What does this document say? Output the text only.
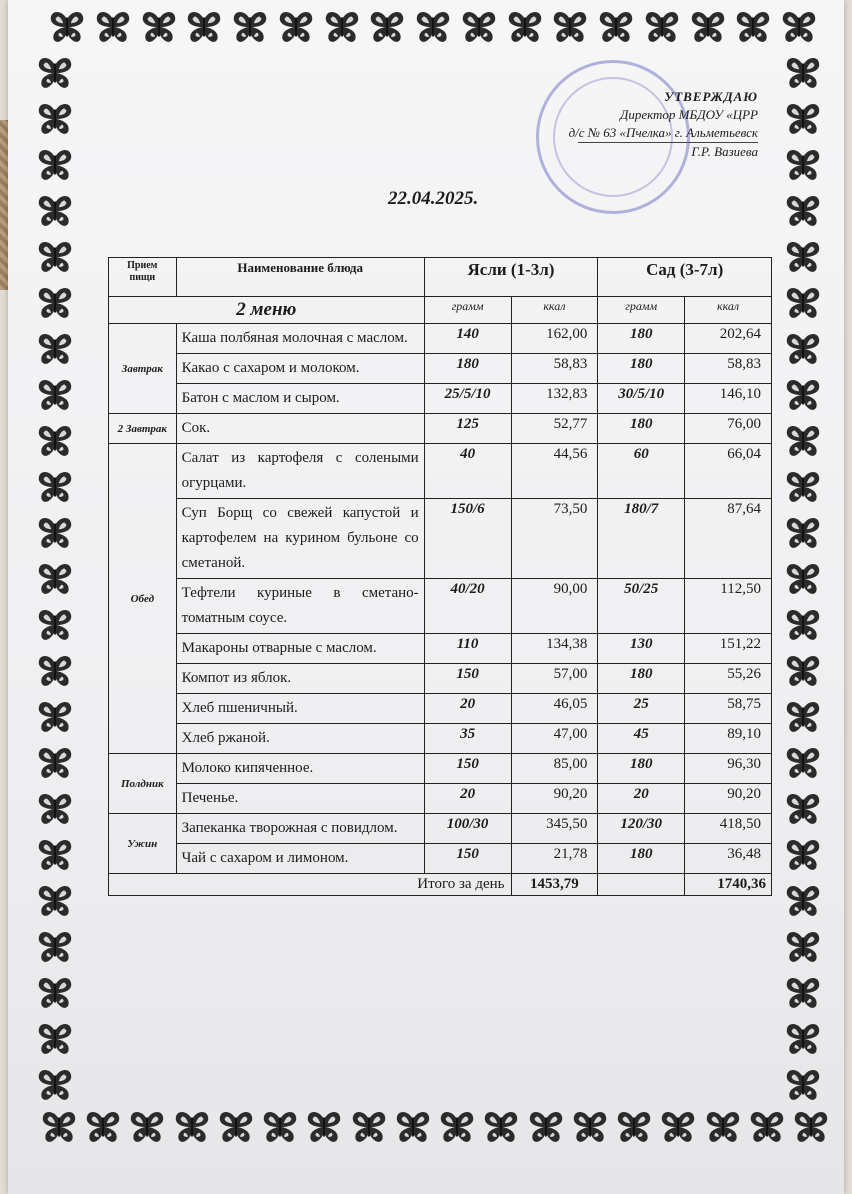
УТВЕРЖДАЮ
Директор МБДОУ «ЦРР
д/с № 63 «Пчелка» г. Альметьевск
Г.Р. Вазиева
22.04.2025.
Прием пищи	Наименование блюда	Ясли (1-3л)		Сад (3-7л)	
2 меню		грамм	ккал	грамм	ккал
Завтрак	Каша полбяная молочная с маслом.	140	162,00	180	202,64
	Какао с сахаром и молоком.	180	58,83	180	58,83
	Батон с маслом и сыром.	25/5/10	132,83	30/5/10	146,10
2 Завтрак	Сок.	125	52,77	180	76,00
Обед	Салат из картофеля с солеными огурцами.	40	44,56	60	66,04
	Суп Борщ со свежей капустой и картофелем на курином бульоне со сметаной.	150/6	73,50	180/7	87,64
	Тефтели куриные в сметано-томатным соусе.	40/20	90,00	50/25	112,50
	Макароны отварные с маслом.	110	134,38	130	151,22
	Компот из яблок.	150	57,00	180	55,26
	Хлеб пшеничный.	20	46,05	25	58,75
	Хлеб ржаной.	35	47,00	45	89,10
Полдник	Молоко кипяченное.	150	85,00	180	96,30
	Печенье.	20	90,20	20	90,20
Ужин	Запеканка творожная с повидлом.	100/30	345,50	120/30	418,50
	Чай с сахаром и лимоном.	150	21,78	180	36,48
Итого за день			1453,79		1740,36
